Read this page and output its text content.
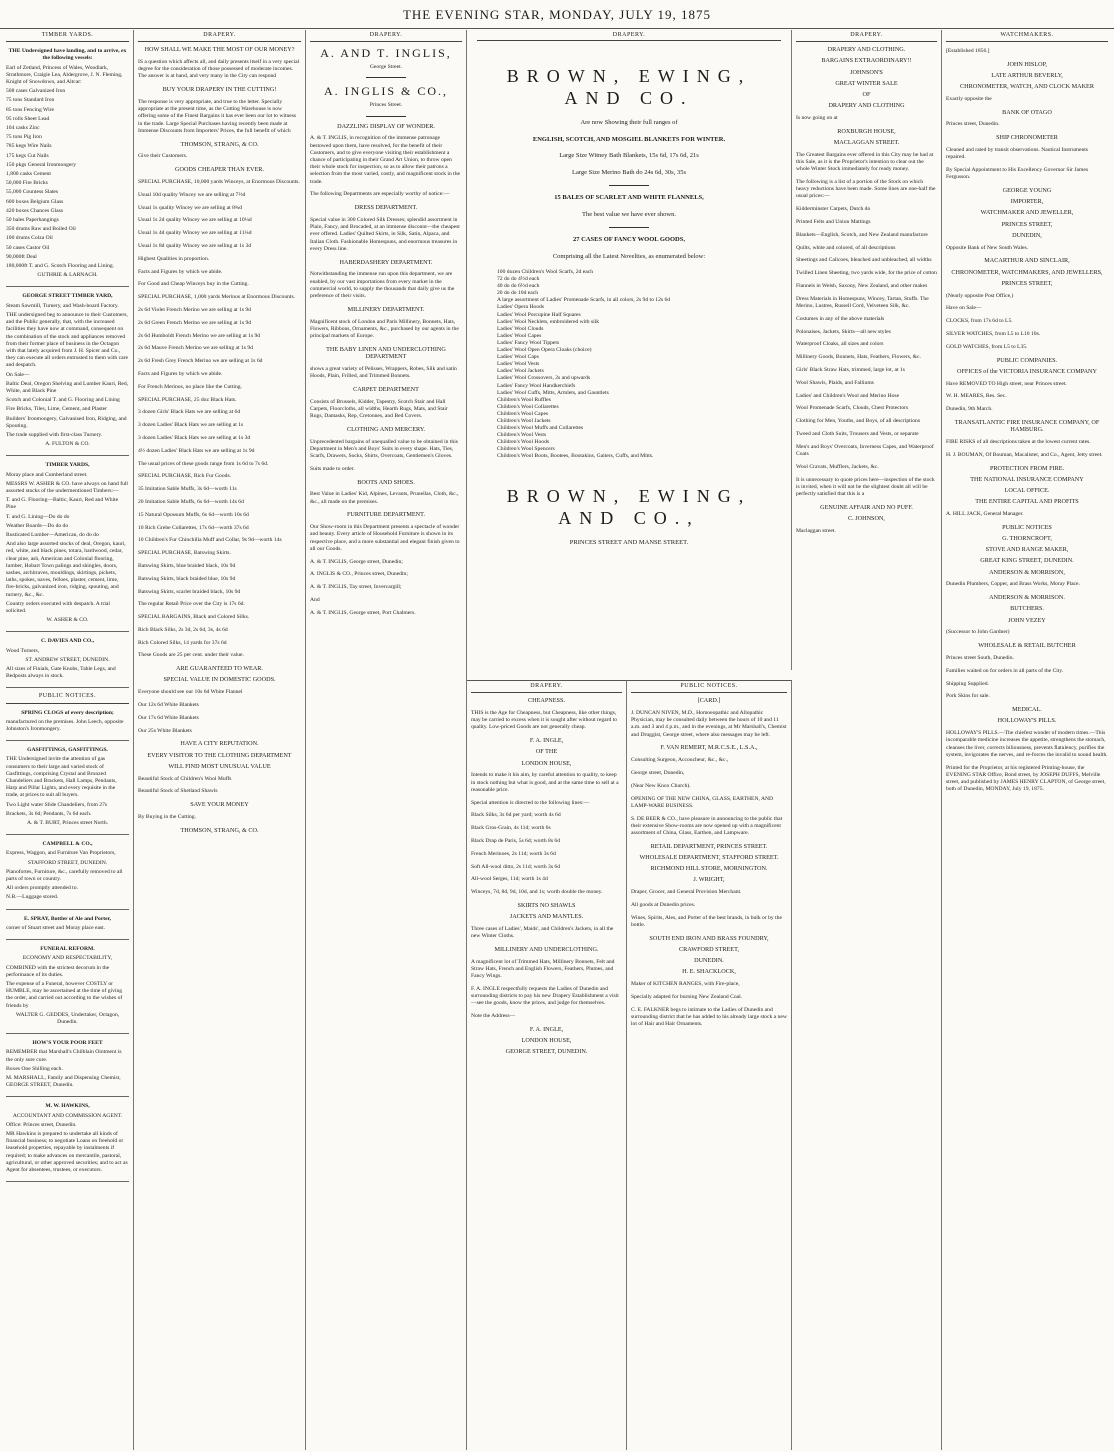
THE EVENING STAR, MONDAY, JULY 19, 1875
TIMBER YARDS.

THE Undersigned have landing, and to arrive, ex the following vessels:

Earl of Zetland, Princess of Wales, Woodlark, Strathmore, Craigie Lea, Aldergrove, J. N. Fleming, Knight of Snowdown, and Altcar:

508 cases Galvanized Iron

75 tons Standard Iron

85 tons Fencing Wire

95 rolls Sheet Lead

104 casks Zinc

75 tons Pig Iron

785 kegs Wire Nails

175 kegs Cut Nails

150 pkgs General Ironmongery

1,800 casks Cement

50,000 Fire Bricks

55,000 Countess Slates

600 boxes Belgium Glass

420 boxes Chances Glass

50 bales Paperhangings

350 drums Raw and Boiled Oil

100 drums Colza Oil

50 cases Castor Oil

90,000ft Deal

180,000ft T. and G. Scotch Flooring and Lining.

GUTHRIE & LARNACH.

GEORGE STREET TIMBER YARD,

Steam Sawmill, Turnery, and Wash-board Factory.

THE undersigned beg to announce to their Customers, and the Public generally, that, with the increased facilities they have now at command, consequent on the combination of the stock and appliances removed from their former place of business in the Octagon with that lately acquired from J. H. Spicer and Co., they can execute all orders entrusted to them with care and despatch.

On Sale—

Baltic Deal, Oregon Shelving and Lumber Kauri, Red, White, and Black Pine

Scotch and Colonial T. and G. Flooring and Lining

Fire Bricks, Tiles, Lime, Cement, and Plaster

Builders' Ironmongery, Galvanised Iron, Ridging, and Spouting.

The trade supplied with first-class Turnery.

A. FULTON & CO.

TIMBER YARDS,

Moray place and Cumberland street.

MESSRS W. ASHER & CO. have always on hand full assorted stocks of the undermentioned Timbers:—

T. and G. Flooring—Baltic, Kauri, Red and White Pine

T. and G. Lining—Do do do

Weather Boards—Do do do

Rusticated Lumber—American, do do do

And also large assorted stocks of deal, Oregon, kauri, red, white, and black pines, totara, hardwood, cedar, clear pine, ash, American and Colonial flooring, lumber, Hobart Town palings and shingles, doors, sashes, architraves, mouldings, skirtings, pickets, laths, spokes, naves, felloes, plaster, cement, lime, fire-bricks, galvanized iron, ridging, spouting, and turnery, &c., &c.

Country orders executed with despatch. A trial solicited.

W. ASHER & CO.

C. DAVIES AND CO.,

Wood Turners,

ST. ANDREW STREET, DUNEDIN.

All sizes of Finials, Gate Knobs, Table Legs, and Bedposts always in stock.

PUBLIC NOTICES.

SPRING CLOGS of every description;

manufactured on the premises. John Leech, opposite Johnston's Ironmongery.

GASFITTINGS, GASFITTINGS.

THE Undersigned invite the attention of gas consumers to their large and varied stock of Gasfittings, comprising Crystal and Bronzed Chandeliers and Brackets, Hall Lamps, Pendants, Harp and Pillar Lights, and every requisite in the trade, at prices to suit all buyers.

Two Light water Slide Chandeliers, from 27s

Brackets, 3s 6d; Pendants, 7s 6d each.

A. & T. BURT, Princes street North.

CAMPBELL & CO.,

Express, Waggon, and Furniture Van Proprietors,

STAFFORD STREET, DUNEDIN.

Pianofortes, Furniture, &c., carefully removed to all parts of town or country.

All orders promptly attended to.

N.B.—Luggage stored.

E. SPRAY, Bottler of Ale and Porter,

corner of Stuart street and Moray place east.

FUNERAL REFORM.

ECONOMY AND RESPECTABILITY,

COMBINED with the strictest decorum in the performance of its duties.

The expense of a Funeral, however COSTLY or HUMBLE, may be ascertained at the time of giving the order, and carried out according to the wishes of friends by

WALTER G. GEDDES, Undertaker, Octagon, Dunedin.

HOW'S YOUR POOR FEET

REMEMBER that Marshall's Chilblain Ointment is the only sure cure.

Boxes One Shilling each.

M. MARSHALL, Family and Dispensing Chemist, GEORGE STREET, Dunedin.

M. W. HAWKINS,

ACCOUNTANT AND COMMISSION AGENT.

Office: Princes street, Dunedin.

MR Hawkins is prepared to undertake all kinds of financial business; to negotiate Loans on freehold or leasehold properties, repayable by instalments if required; to make advances on mercantile, pastoral, agricultural, or other approved securities; and to act as Agent for absentees, trustees, or executors.

DRAPERY.
HOW SHALL WE MAKE THE MOST OF OUR MONEY?

IS a question which affects all, and daily presents itself in a very special degree for the consideration of those possessed of moderate incomes. The answer is at hand, and very many in the City can respond

BUY YOUR DRAPERY IN THE CUTTING!

The response is very appropriate, and true to the letter. Specially appropriate at the present time, as the Cutting Warehouse is now offering some of the Finest Bargains it has ever been our lot to witness in the trade. Large Special Purchases having recently been made at Immense Discounts from Importers' Prices, the full benefit of which

THOMSON, STRANG, & CO.

Give their Customers.

GOODS CHEAPER THAN EVER.

SPECIAL PURCHASE, 10,000 yards Winceys, at Enormous Discounts.

Usual 10d quality Wincey we are selling at 7½d

Usual 1s quality Wincey we are selling at 8¾d

Usual 1s 2d quality Wincey we are selling at 10¼d

Usual 1s 4d quality Wincey we are selling at 11¼d

Usual 1s 8d quality Wincey we are selling at 1s 3d

Highest Qualities in proportion.

Facts and Figures by which we abide.

For Good and Cheap Winceys buy in the Cutting.

SPECIAL PURCHASE, 1,000 yards Merinos at Enormous Discounts.

2s 6d Violet French Merino we are selling at 1s 9d

2s 6d Green French Merino we are selling at 1s 9d

2s 6d Humboldt French Merino we are selling at 1s 9d

2s 6d Mauve French Merino we are selling at 1s 9d

2s 6d Fresh Grey French Merino we are selling at 1s 6d

Facts and Figures by which we abide.

For French Merinos, no place like the Cutting.

SPECIAL PURCHASE, 25 doz Black Hats.

3 dozen Girls' Black Hats we are selling at 6d

3 dozen Ladies' Black Hats we are selling at 1s

3 dozen Ladies' Black Hats we are selling at 1s 3d

4½ dozen Ladies' Black Hats we are selling at 1s 9d

The usual prices of these goods range from 1s 6d to 7s 6d.

SPECIAL PURCHASE, Rich Fur Goods.

35 Imitation Sable Muffs, 3s 6d—worth 11s

20 Imitation Sable Muffs, 6s 6d—worth 14s 6d

15 Natural Opossum Muffs, 6s 6d—worth 10s 6d

10 Rich Grebe Collarettes, 17s 6d—worth 37s 6d

10 Children's Fur Chinchilla Muff and Collar, 9s 9d—worth 14s

SPECIAL PURCHASE, Batswing Skirts.

Batswing Skirts, blue braided black, 10s 9d

Batswing Skirts, black braided blue, 10s 9d

Batswing Skirts, scarlet braided black, 10s 9d

The regular Retail Price over the City is 17s 6d.

SPECIAL BARGAINS, Black and Colored Silks.

Rich Black Silks, 2s 3d, 2s 6d, 3s, 4s 6d

Rich Colored Silks, 14 yards for 37s 6d

These Goods are 25 per cent. under their value.

ARE GUARANTEED TO WEAR.
SPECIAL VALUE IN DOMESTIC GOODS.

Everyone should see our 10s 6d White Flannel

Our 12s 6d White Blankets

Our 17s 6d White Blankets

Our 25s White Blankets

HAVE A CITY REPUTATION.
EVERY VISITOR TO THE CLOTHING DEPARTMENT
WILL FIND MOST UNUSUAL VALUE

Beautiful Stock of Children's Wool Muffs

Beautiful Stock of Shetland Shawls

SAVE YOUR MONEY

By Buying in the Cutting.

THOMSON, STRANG, & CO.
DRAPERY.
A. AND T. INGLIS,
George Street.
A. INGLIS & CO.,
Princes Street.
DAZZLING DISPLAY OF WONDER.

A. & T. INGLIS, in recognition of the immense patronage bestowed upon them, have resolved, for the benefit of their Customers, and to give everyone visiting their establishment a chance of participating in their Grand Art Union, to throw open their whole stock for inspection, so as to allow their patrons a selection from the most varied, costly, and magnificent stock in the trade.

The following Departments are especially worthy of notice:—

DRESS DEPARTMENT.

Special value in 300 Colored Silk Dresses; splendid assortment in Plain, Fancy, and Brocaded, at an immense discount—the cheapest ever offered. Ladies' Quilted Skirts, in Silk, Satin, Alpaca, and Italian Cloth. Fashionable Homespuns, and enormous treasures in every Dress line.

HABERDASHERY DEPARTMENT.

Notwithstanding the immense run upon this department, we are enabled, by our vast importations from every market in the commercial world, to supply the thousands that daily give us the preference of their visits.

MILLINERY DEPARTMENT.

Magnificent stock of London and Paris Millinery, Bonnets, Hats, Flowers, Ribbons, Ornaments, &c., purchased by our agents in the principal markets of Europe.

THE BABY LINEN AND UNDERCLOTHING DEPARTMENT

shows a great variety of Pelisses, Wrappers, Robes, Silk and satin Hoods, Plain, Frilled, and Trimmed Bonnets.

CARPET DEPARTMENT

Consists of Brussels, Kidder, Tapestry, Scotch Stair and Hall Carpets, Floorcloths, all widths, Hearth Rugs, Mats, and Stair Rugs, Damasks, Rep, Cretonnes, and Bed Covers.

CLOTHING AND MERCERY.

Unprecedented bargains of unequalled value to be obtained in this Department in Men's and Boys' Suits in every shape. Hats, Ties, Scarfs, Drawers, Socks, Shirts, Overcoats, Gentlemen's Gloves.

Suits made to order.

BOOTS AND SHOES.

Best Value in Ladies' Kid, Alpines, Levants, Prunellas, Cloth, &c., &c., all made on the premises.

FURNITURE DEPARTMENT.

Our Show-room in this Department presents a spectacle of wonder and beauty. Every article of Household Furniture is shown in its respective place, and a more substantial and elegant finish given to all our Goods.

A. & T. INGLIS, George street, Dunedin;

A. INGLIS & CO., Princes street, Dunedin;

A. & T. INGLIS, Tay street, Invercargill;

And

A. & T. INGLIS, George street, Port Chalmers.

DRAPERY.
BROWN, EWING, AND CO.
Are now Showing their full ranges of
ENGLISH, SCOTCH, AND MOSGIEL BLANKETS FOR WINTER.
Large Size Witney Bath Blankets, 15s 6d, 17s 6d, 21s
Large Size Merino Bath do 24s 6d, 30s, 35s
15 BALES OF SCARLET AND WHITE FLANNELS,
The best value we have ever shown.
27 CASES OF FANCY WOOL GOODS,
Comprising all the Latest Novelties, as enumerated below:
100 dozen Children's Wool Scarfs, 2d each
72 do do 4½d each
40 do do 6½d each
20 do do 10d each
A large assortment of Ladies' Promenade Scarfs, in all colors, 2s 9d to 12s 6d
Ladies' Opera Hoods
Ladies' Wool Porcupine Half Squares
Ladies' Wool Necklets, embroidered with silk
Ladies' Wool Clouds
Ladies' Wool Capes
Ladies' Fancy Wool Tippets
Ladies' Wool Open Opera Cloaks (choice)
Ladies' Wool Caps
Ladies' Wool Vests
Ladies' Wool Jackets
Ladies' Wool Crossovers, 2s and upwards
Ladies' Fancy Wool Handkerchiefs
Ladies' Wool Cuffs, Mitts, Armlets, and Gauntlets
Children's Wool Ruffles
Children's Wool Collarettes
Children's Wool Capes
Children's Wool Jackets
Children's Wool Muffs and Collarettes
Children's Wool Vests
Children's Wool Hoods
Children's Wool Spencers
Children's Wool Boots, Bootees, Bootakins, Gaiters, Cuffs, and Mitts.
BROWN, EWING, AND CO.,
PRINCES STREET AND MANSE STREET.
DRAPERY.
CHEAPNESS.

THIS is the Age for Cheapness, but Cheapness, like other things, may be carried to excess when it is sought after without regard to quality. Low-priced Goods are not generally cheap.

F. A. INGLE,
OF THE
LONDON HOUSE,

Intends to make it his aim, by careful attention to quality, to keep in stock nothing but what is good, and at the same time to sell at a reasonable price.

Special attention is directed to the following lines:—

Black Silks, 3s 6d per yard; worth 4s 6d

Black Gros-Grain, 4s 11d; worth 6s

Black Drap de Paris, 5s 6d; worth 8s 6d

French Merinoes, 2s 11d; worth 3s 6d

Soft All-wool ditto, 2s 11d; worth 3s 6d

All-wool Serges, 11d; worth 1s 4d

Winceys, 7d, 8d, 9d, 10d, and 1s; worth double the money.

SKIRTS NO SHAWLS
JACKETS AND MANTLES.

Three cases of Ladies', Maids', and Children's Jackets, in all the new Winter Cloths.

MILLINERY AND UNDERCLOTHING.

A magnificent lot of Trimmed Hats, Millinery Bonnets, Felt and Straw Hats, French and English Flowers, Feathers, Plumes, and Fancy Wings.

F. A. INGLE respectfully requests the Ladies of Dunedin and surrounding districts to pay his new Drapery Establishment a visit—see the goods, know the prices, and judge for themselves.

Note the Address—

F. A. INGLE,
LONDON HOUSE,
GEORGE STREET, DUNEDIN.
PUBLIC NOTICES.
[CARD.]

J. DUNCAN NIVEN, M.D., Homoeopathic and Allopathic Physician, may be consulted daily between the hours of 10 and 11 a.m. and 3 and 4 p.m., and in the evenings, at Mr Marshall's, Chemist and Druggist, George street, where also messages may be left.

F. VAN REMERT, M.R.C.S.E., L.S.A.,

Consulting Surgeon, Accoucheur, &c., &c.,

George street, Dunedin,

(Near New Knox Church).

OPENING OF THE NEW CHINA, GLASS, EARTHEN, AND LAMP-WARE BUSINESS.

S. DE BEER & CO., have pleasure in announcing to the public that their extensive Show-rooms are now opened up with a magnificent assortment of China, Glass, Earthen, and Lampware.

RETAIL DEPARTMENT, PRINCES STREET.
WHOLESALE DEPARTMENT, STAFFORD STREET.
RICHMOND HILL STORE, MORNINGTON.
J. WRIGHT,

Draper, Grocer, and General Provision Merchant.

All goods at Dunedin prices.

Wines, Spirits, Ales, and Porter of the best brands, in bulk or by the bottle.

SOUTH END IRON AND BRASS FOUNDRY,
CRAWFORD STREET,
DUNEDIN.
H. E. SHACKLOCK,

Maker of KITCHEN RANGES, with Fire-place,

Specially adapted for burning New Zealand Coal.

C. E. FALKNER begs to intimate to the Ladies of Dunedin and surrounding district that he has added to his already large stock a new lot of Hair and Hair Ornaments.

DRAPERY.
DRAPERY AND CLOTHING.
BARGAINS EXTRAORDINARY!!
JOHNSON'S
GREAT WINTER SALE
OF
DRAPERY AND CLOTHING

Is now going on at

ROXBURGH HOUSE,
MACLAGGAN STREET.

The Greatest Bargains ever offered in this City may be had at this Sale, as it is the Proprietor's intention to clear out the whole Winter Stock immediately for ready money.

The following is a list of a portion of the Stock on which heavy reductions have been made. Some lines are one-half the usual prices:—

Kidderminster Carpets, Dutch do

Printed Felts and Union Mattings

Blankets—English, Scotch, and New Zealand manufacture

Quilts, white and colored, of all descriptions

Sheetings and Calicoes, bleached and unbleached, all widths

Twilled Linen Sheeting, two yards wide, for the price of cotton

Flannels in Welsh, Saxony, New Zealand, and other makes

Dress Materials in Homespuns, Wincey, Tartan, Stuffs. The Merino, Lustres, Russell Cord, Velveteen Silk, &c.

Costumes in any of the above materials

Polonaises, Jackets, Skirts—all new styles

Waterproof Cloaks, all sizes and colors

Millinery Goods, Bonnets, Hats, Feathers, Flowers, &c.

Girls' Black Straw Hats, trimmed, large lot, at 1s

Wool Shawls, Plaids, and Falliums

Ladies' and Children's Wool and Merino Hose

Wool Promenade Scarfs, Clouds, Chest Protectors

Clothing for Men, Youths, and Boys, of all descriptions

Tweed and Cloth Suits, Trousers and Vests, or separate

Men's and Boys' Overcoats, Inverness Capes, and Waterproof Coats

Wool Cravats, Mufflers, Jackets, &c.

It is unnecessary to quote prices here—inspection of the stock is invited, when it will not be the slightest doubt all will be perfectly satisfied that this is a

GENUINE AFFAIR AND NO PUFF.
C. JOHNSON,

Maclaggan street.

WATCHMAKERS.

[Established 1856.]

JOHN HISLOP,
LATE ARTHUR BEVERLY,
CHRONOMETER, WATCH, AND CLOCK MAKER

Exactly opposite the

BANK OF OTAGO

Princes street, Dunedin.

SHIP CHRONOMETER

Cleaned and rated by transit observations. Nautical Instruments repaired.

By Special Appointment to His Excellency Governor Sir James Fergusson.

GEORGE YOUNG
IMPORTER,
WATCHMAKER AND JEWELLER,
PRINCES STREET,
DUNEDIN,

Opposite Bank of New South Wales.

MACARTHUR AND SINCLAIR,
CHRONOMETER, WATCHMAKERS, AND JEWELLERS,
PRINCES STREET,

(Nearly opposite Post Office,)

Have on Sale—

CLOCKS, from 17s 6d to L5.

SILVER WATCHES, from L5 to L10 10s.

GOLD WATCHES, from L5 to L35.

PUBLIC COMPANIES.
OFFICES of the VICTORIA INSURANCE COMPANY

Have REMOVED TO High street, near Princes street.

W. H. MEARES, Res. Sec.

Dunedin, 9th March.

TRANSATLANTIC FIRE INSURANCE COMPANY, OF HAMBURG.

FIRE RISKS of all descriptions taken at the lowest current rates.

H. J. BOUMAN, Of Bouman, Macalister, and Co., Agent, Jetty street.

PROTECTION FROM FIRE.
THE NATIONAL INSURANCE COMPANY
LOCAL OFFICE.
THE ENTIRE CAPITAL AND PROFITS

A. HILL JACK, General Manager.

PUBLIC NOTICES
G. THORNCROFT,
STOVE AND RANGE MAKER,
GREAT KING STREET, DUNEDIN.
ANDERSON & MORRISON,

Dunedin Plumbers, Copper, and Brass Works, Moray Place.

ANDERSON & MORRISON.
BUTCHERS.
JOHN VEZEY

(Successor to John Gardner)

WHOLESALE & RETAIL BUTCHER

Princes street South, Dunedin.

Families waited on for orders in all parts of the City.

Shipping Supplied.

Pork Skins for sale.

MEDICAL.
HOLLOWAY'S PILLS.

HOLLOWAY'S PILLS.—The chiefest wonder of modern times.—This incomparable medicine increases the appetite, strengthens the stomach, cleanses the liver, corrects biliousness, prevents flatulency, purifies the system, invigorates the nerves, and re-forces the invalid to sound health.

Printed for the Proprietor, at his registered Printing-house, the EVENING STAR Office, Bond street, by JOSEPH DUFFS, Melville street, and published by JAMES HENRY CLAPTON, of George street, both of Dunedin, MONDAY, July 19, 1875.
